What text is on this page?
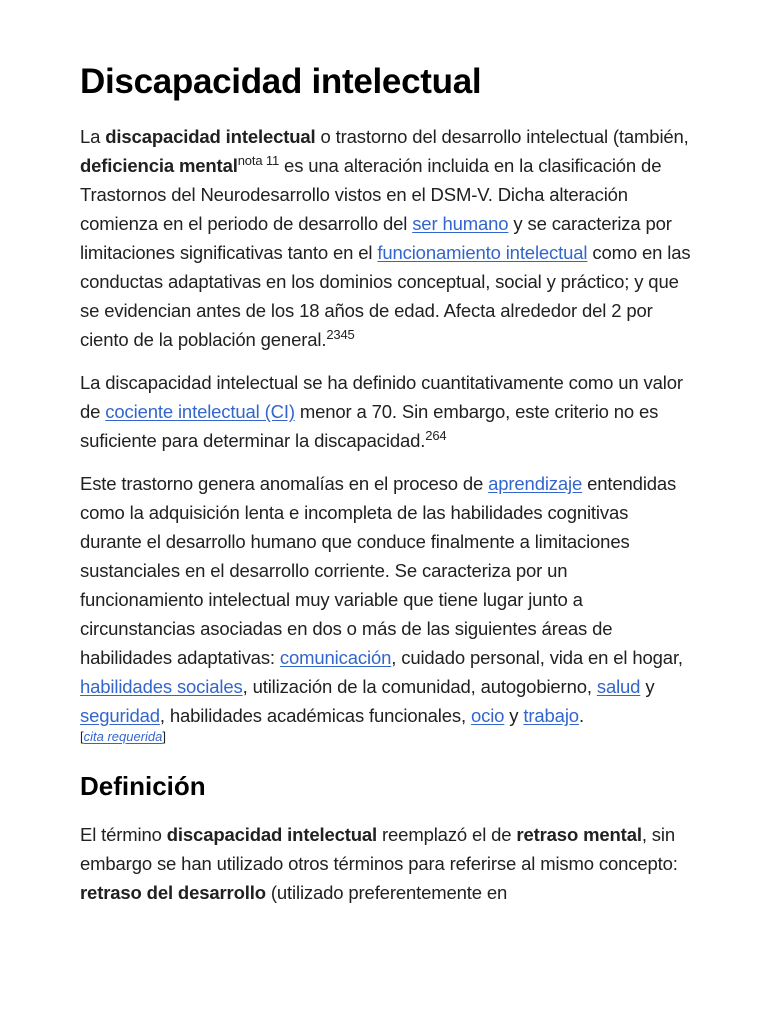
Discapacidad intelectual

La discapacidad intelectual o trastorno del desarrollo intelectual (también, deficiencia mental$^{nota 11}$ es una alteración incluida en la clasificación de Trastornos del Neurodesarrollo vistos en el DSM-V. Dicha alteración comienza en el periodo de desarrollo del ser humano y se caracteriza por limitaciones significativas tanto en el funcionamiento intelectual como en las conductas adaptativas en los dominios conceptual, social y práctico; y que se evidencian antes de los 18 años de edad. Afecta alrededor del 2 por ciento de la población general.$^{2345}$

La discapacidad intelectual se ha definido cuantitativamente como un valor de cociente intelectual (CI) menor a 70. Sin embargo, este criterio no es suficiente para determinar la discapacidad.$^{264}$

Este trastorno genera anomalías en el proceso de aprendizaje entendidas como la adquisición lenta e incompleta de las habilidades cognitivas durante el desarrollo humano que conduce finalmente a limitaciones sustanciales en el desarrollo corriente. Se caracteriza por un funcionamiento intelectual muy variable que tiene lugar junto a circunstancias asociadas en dos o más de las siguientes áreas de habilidades adaptativas: comunicación, cuidado personal, vida en el hogar, habilidades sociales, utilización de la comunidad, autogobierno, salud y seguridad, habilidades académicas funcionales, ocio y trabajo.

[cita requerida]
Definición

El término discapacidad intelectual reemplazó el de retraso mental, sin embargo se han utilizado otros términos para referirse al mismo concepto: retraso del desarrollo (utilizado preferentemente en
